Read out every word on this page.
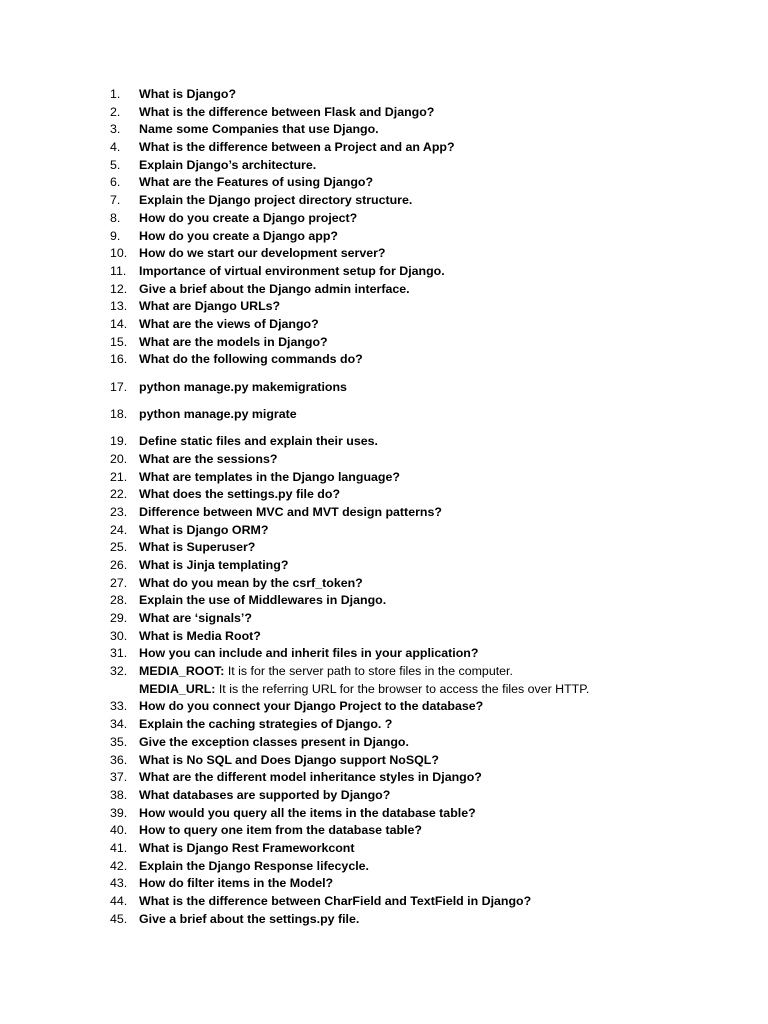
1.	What is Django?
2.	What is the difference between Flask and Django?
3.	Name some Companies that use Django.
4.	What is the difference between a Project and an App?
5.	Explain Django’s architecture.
6.	What are the Features of using Django?
7.	Explain the Django project directory structure.
8.	How do you create a Django project?
9.	How do you create a Django app?
10. How do we start our development server?
11.	Importance of virtual environment setup for Django.
12. Give a brief about the Django admin interface.
13. What are Django URLs?
14. What are the views of Django?
15. What are the models in Django?
16. What do the following commands do?
17. python manage.py makemigrations
18. python manage.py migrate
19. Define static files and explain their uses.
20. What are the sessions?
21. What are templates in the Django language?
22. What does the settings.py file do?
23. Difference between MVC and MVT design patterns?
24. What is Django ORM?
25. What is Superuser?
26. What is Jinja templating?
27. What do you mean by the csrf_token?
28. Explain the use of Middlewares in Django.
29. What are ‘signals’?
30. What is Media Root?
31. How you can include and inherit files in your application?
32. MEDIA_ROOT: It is for the server path to store files in the computer.
MEDIA_URL: It is the referring URL for the browser to access the files over HTTP.
33. How do you connect your Django Project to the database?
34. Explain the caching strategies of Django. ?
35. Give the exception classes present in Django.
36. What is No SQL and Does Django support NoSQL?
37. What are the different model inheritance styles in Django?
38. What databases are supported by Django?
39. How would you query all the items in the database table?
40. How to query one item from the database table?
41. What is Django Rest Frameworkcont
42. Explain the Django Response lifecycle.
43. How do filter items in the Model?
44. What is the difference between CharField and TextField in Django?
45. Give a brief about the settings.py file.
